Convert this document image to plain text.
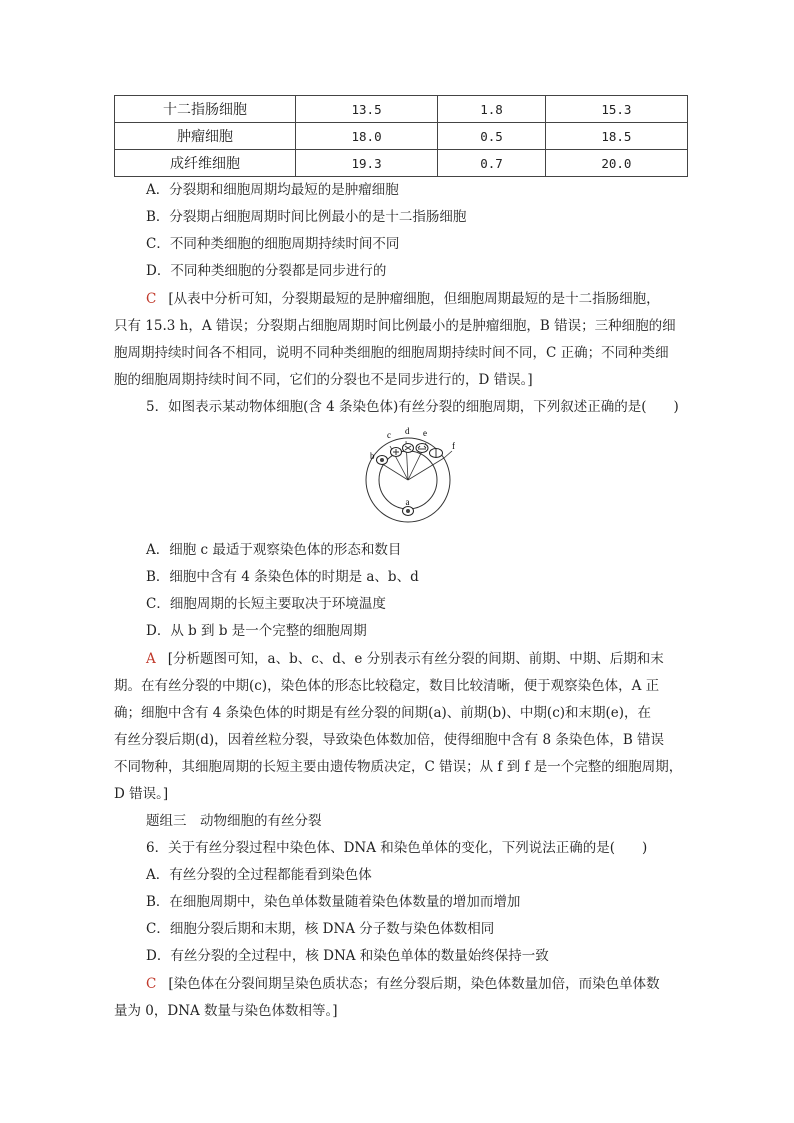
十二指肠细胞	13.5	1.8	15.3
肿瘤细胞	18.0	0.5	18.5
成纤维细胞	19.3	0.7	20.0
A．分裂期和细胞周期均最短的是肿瘤细胞
B．分裂期占细胞周期时间比例最小的是十二指肠细胞
C．不同种类细胞的细胞周期持续时间不同
D．不同种类细胞的分裂都是同步进行的
C [从表中分析可知，分裂期最短的是肿瘤细胞，但细胞周期最短的是十二指肠细胞，
只有 15.3 h，A 错误；分裂期占细胞周期时间比例最小的是肿瘤细胞，B 错误；三种细胞的细
胞周期持续时间各不相同，说明不同种类细胞的细胞周期持续时间不同，C 正确；不同种类细
胞的细胞周期持续时间不同，它们的分裂也不是同步进行的，D 错误。]
5．如图表示某动物体细胞(含 4 条染色体)有丝分裂的细胞周期，下列叙述正确的是(　　)
b
c d e
f
a
A．细胞 c 最适于观察染色体的形态和数目
B．细胞中含有 4 条染色体的时期是 a、b、d
C．细胞周期的长短主要取决于环境温度
D．从 b 到 b 是一个完整的细胞周期
A [分析题图可知，a、b、c、d、e 分别表示有丝分裂的间期、前期、中期、后期和末
期。在有丝分裂的中期(c)，染色体的形态比较稳定，数目比较清晰，便于观察染色体，A 正
确；细胞中含有 4 条染色体的时期是有丝分裂的间期(a)、前期(b)、中期(c)和末期(e)，在
有丝分裂后期(d)，因着丝粒分裂，导致染色体数加倍，使得细胞中含有 8 条染色体，B 错误
不同物种，其细胞周期的长短主要由遗传物质决定，C 错误；从 f 到 f 是一个完整的细胞周期，
D 错误。]
题组三　动物细胞的有丝分裂
6．关于有丝分裂过程中染色体、DNA 和染色单体的变化，下列说法正确的是(　　)
A．有丝分裂的全过程都能看到染色体
B．在细胞周期中，染色单体数量随着染色体数量的增加而增加
C．细胞分裂后期和末期，核 DNA 分子数与染色体数相同
D．有丝分裂的全过程中，核 DNA 和染色单体的数量始终保持一致
C [染色体在分裂间期呈染色质状态；有丝分裂后期，染色体数量加倍，而染色单体数
量为 0，DNA 数量与染色体数相等。]
